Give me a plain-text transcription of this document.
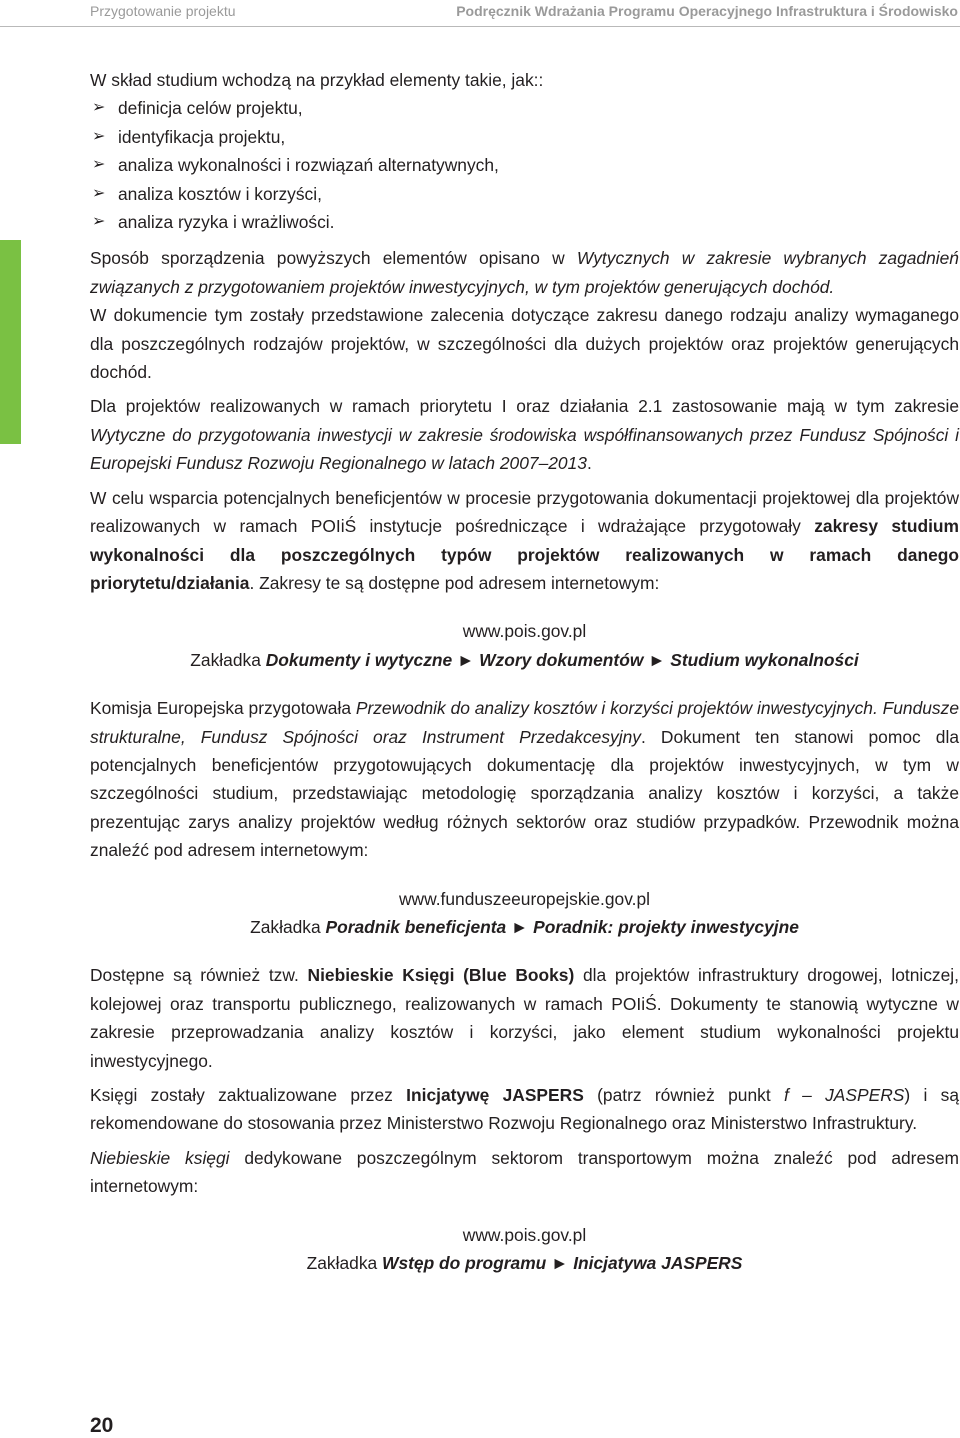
Przygotowanie projektu	Podręcznik Wdrażania Programu Operacyjnego Infrastruktura i Środowisko

W skład studium wchodzą na przykład elementy takie, jak::

➢ definicja celów projektu,
➢ identyfikacja projektu,
➢ analiza wykonalności i rozwiązań alternatywnych,
➢ analiza kosztów i korzyści,
➢ analiza ryzyka i wrażliwości.

Sposób sporządzenia powyższych elementów opisano w Wytycznych w zakresie wybranych zagadnień związanych z przygotowaniem projektów inwestycyjnych, w tym projektów generujących dochód.

W dokumencie tym zostały przedstawione zalecenia dotyczące zakresu danego rodzaju analizy wymaganego dla poszczególnych rodzajów projektów, w szczególności dla dużych projektów oraz projektów generujących dochód.

Dla projektów realizowanych w ramach priorytetu I oraz działania 2.1 zastosowanie mają w tym zakresie Wytyczne do przygotowania inwestycji w zakresie środowiska współfinansowanych przez Fundusz Spójności i Europejski Fundusz Rozwoju Regionalnego w latach 2007–2013.

W celu wsparcia potencjalnych beneficjentów w procesie przygotowania dokumentacji projektowej dla projektów realizowanych w ramach POIiŚ instytucje pośredniczące i wdrażające przygotowały zakresy studium wykonalności dla poszczególnych typów projektów realizowanych w ramach danego priorytetu/działania. Zakresy te są dostępne pod adresem internetowym:

www.pois.gov.pl

Zakładka Dokumenty i wytyczne ► Wzory dokumentów ► Studium wykonalności

Komisja Europejska przygotowała Przewodnik do analizy kosztów i korzyści projektów inwestycyjnych. Fundusze strukturalne, Fundusz Spójności oraz Instrument Przedakcesyjny. Dokument ten stanowi pomoc dla potencjalnych beneficjentów przygotowujących dokumentację dla projektów inwestycyjnych, w tym w szczególności studium, przedstawiając metodologię sporządzania analizy kosztów i korzyści, a także prezentując zarys analizy projektów według różnych sektorów oraz studiów przypadków. Przewodnik można znaleźć pod adresem internetowym:

www.funduszeeuropejskie.gov.pl

Zakładka Poradnik beneficjenta ► Poradnik: projekty inwestycyjne

Dostępne są również tzw. Niebieskie Księgi (Blue Books) dla projektów infrastruktury drogowej, lotniczej, kolejowej oraz transportu publicznego, realizowanych w ramach POIiŚ. Dokumenty te stanowią wytyczne w zakresie przeprowadzania analizy kosztów i korzyści, jako element studium wykonalności projektu inwestycyjnego.

Księgi zostały zaktualizowane przez Inicjatywę JASPERS (patrz również punkt f – JASPERS) i są rekomendowane do stosowania przez Ministerstwo Rozwoju Regionalnego oraz Ministerstwo Infrastruktury.

Niebieskie księgi dedykowane poszczególnym sektorom transportowym można znaleźć pod adresem internetowym:

www.pois.gov.pl

Zakładka Wstęp do programu ► Inicjatywa JASPERS

20
